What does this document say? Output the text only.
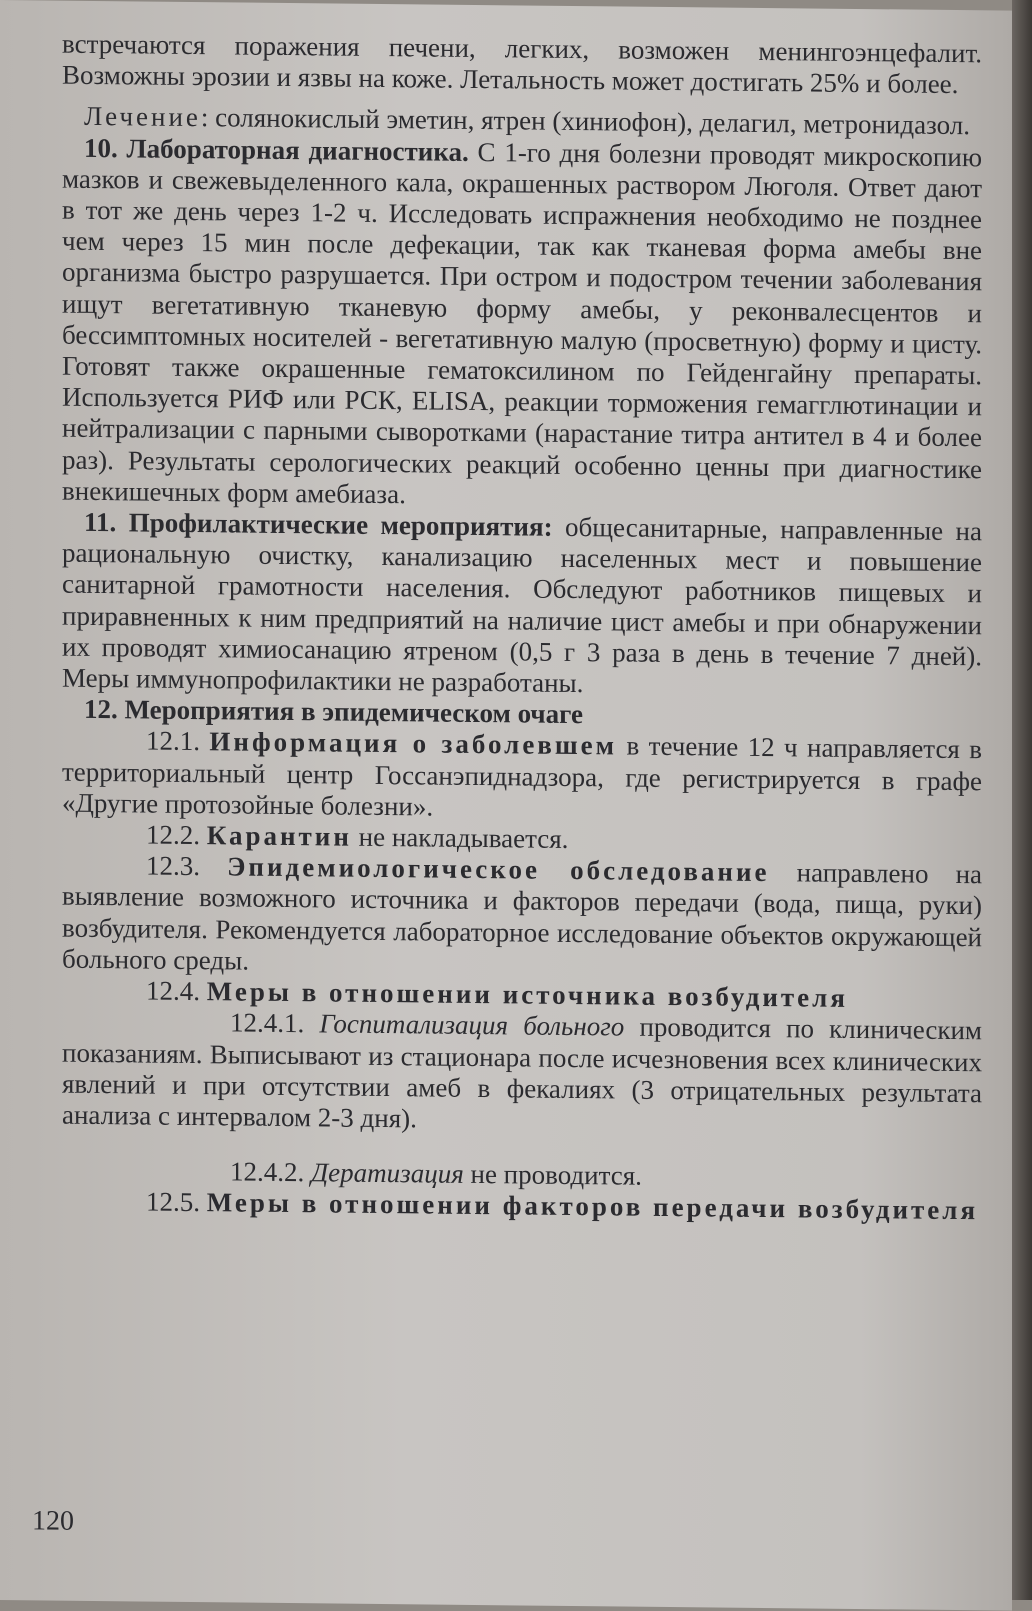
встречаются поражения печени, легких, возможен менингоэнцефалит. Возможны эрозии и язвы на коже. Летальность может достигать 25% и более.

Лечение: солянокислый эметин, ятрен (хиниофон), делагил, метронидазол.

10. Лабораторная диагностика. С 1-го дня болезни проводят микроскопию мазков и свежевыделенного кала, окрашенных раствором Люголя. Ответ дают в тот же день через 1-2 ч. Исследовать испражнения необходимо не позднее чем через 15 мин после дефекации, так как тканевая форма амебы вне организма быстро разрушается. При остром и подостром течении заболевания ищут вегетативную тканевую форму амебы, у реконвалесцентов и бессимптомных носителей - вегетативную малую (просветную) форму и цисту. Готовят также окрашенные гематоксилином по Гейденгайну препараты. Используется РИФ или РСК, ELISA, реакции торможения гемагглютинации и нейтрализации с парными сыворотками (нарастание титра антител в 4 и более раз). Результаты серологических реакций особенно ценны при диагностике внекишечных форм амебиаза.

11. Профилактические мероприятия: общесанитарные, направленные на рациональную очистку, канализацию населенных мест и повышение санитарной грамотности населения. Обследуют работников пищевых и приравненных к ним предприятий на наличие цист амебы и при обнаружении их проводят химиосанацию ятреном (0,5 г 3 раза в день в течение 7 дней). Меры иммунопрофилактики не разработаны.

12. Мероприятия в эпидемическом очаге

12.1. Информация о заболевшем в течение 12 ч направляется в территориальный центр Госсанэпиднадзора, где регистрируется в графе «Другие протозойные болезни».

12.2. Карантин не накладывается.

12.3. Эпидемиологическое обследование направлено на выявление возможного источника и факторов передачи (вода, пища, руки) возбудителя. Рекомендуется лабораторное исследование объектов окружающей больного среды.

12.4. Меры в отношении источника возбудителя

12.4.1. Госпитализация больного проводится по клиническим показаниям. Выписывают из стационара после исчезновения всех клинических явлений и при отсутствии амеб в фекалиях (3 отрицательных результата анализа с интервалом 2-3 дня).

12.4.2. Дератизация не проводится.

12.5. Меры в отношении факторов передачи возбудителя

120
